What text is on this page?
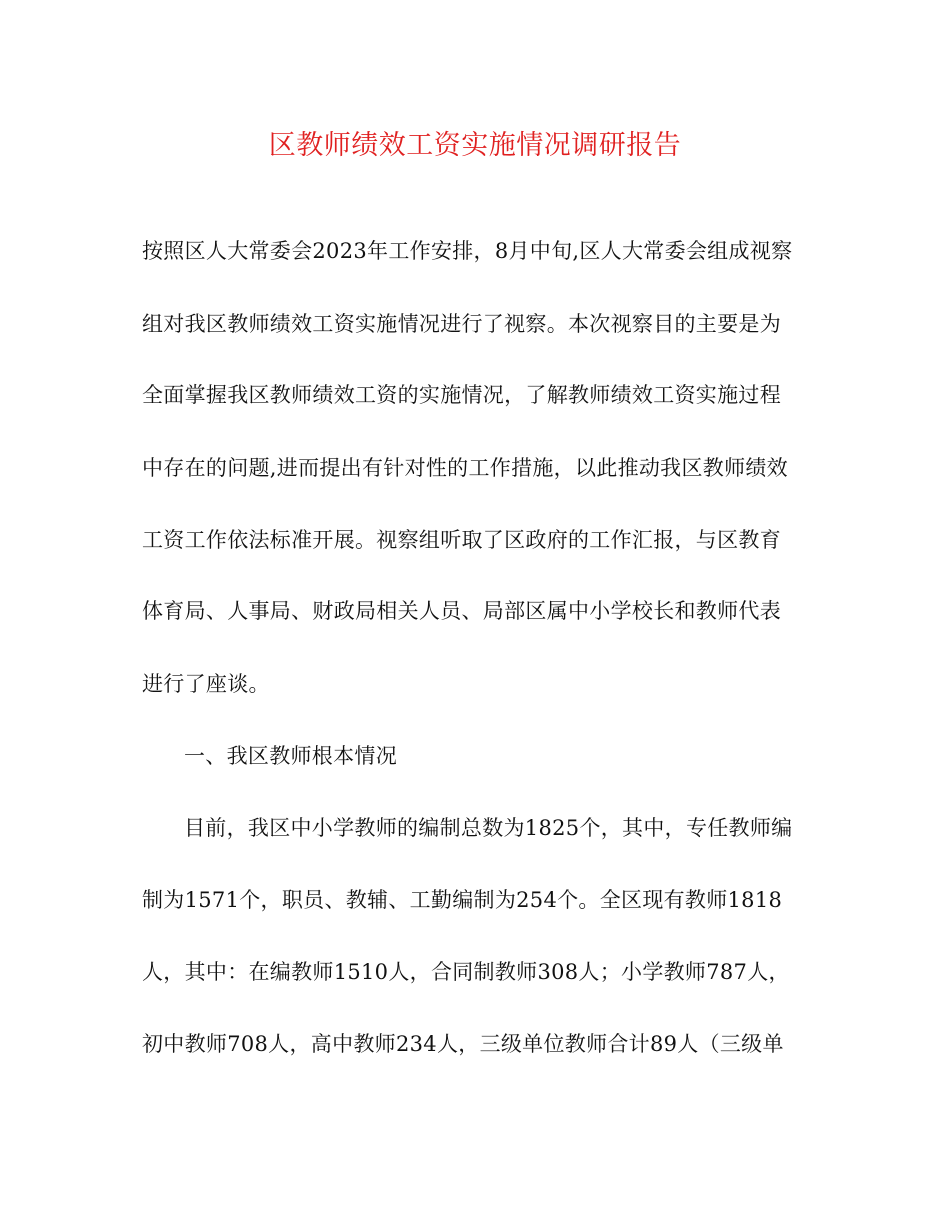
区教师绩效工资实施情况调研报告
按照区人大常委会2023年工作安排，8月中旬,区人大常委会组成视察
组对我区教师绩效工资实施情况进行了视察。本次视察目的主要是为
全面掌握我区教师绩效工资的实施情况，了解教师绩效工资实施过程
中存在的问题,进而提出有针对性的工作措施，以此推动我区教师绩效
工资工作依法标准开展。视察组听取了区政府的工作汇报，与区教育
体育局、人事局、财政局相关人员、局部区属中小学校长和教师代表
进行了座谈。
一、我区教师根本情况
目前，我区中小学教师的编制总数为1825个，其中，专任教师编
制为1571个，职员、教辅、工勤编制为254个。全区现有教师1818
人，其中：在编教师1510人，合同制教师308人；小学教师787人，
初中教师708人，高中教师234人，三级单位教师合计89人（三级单
